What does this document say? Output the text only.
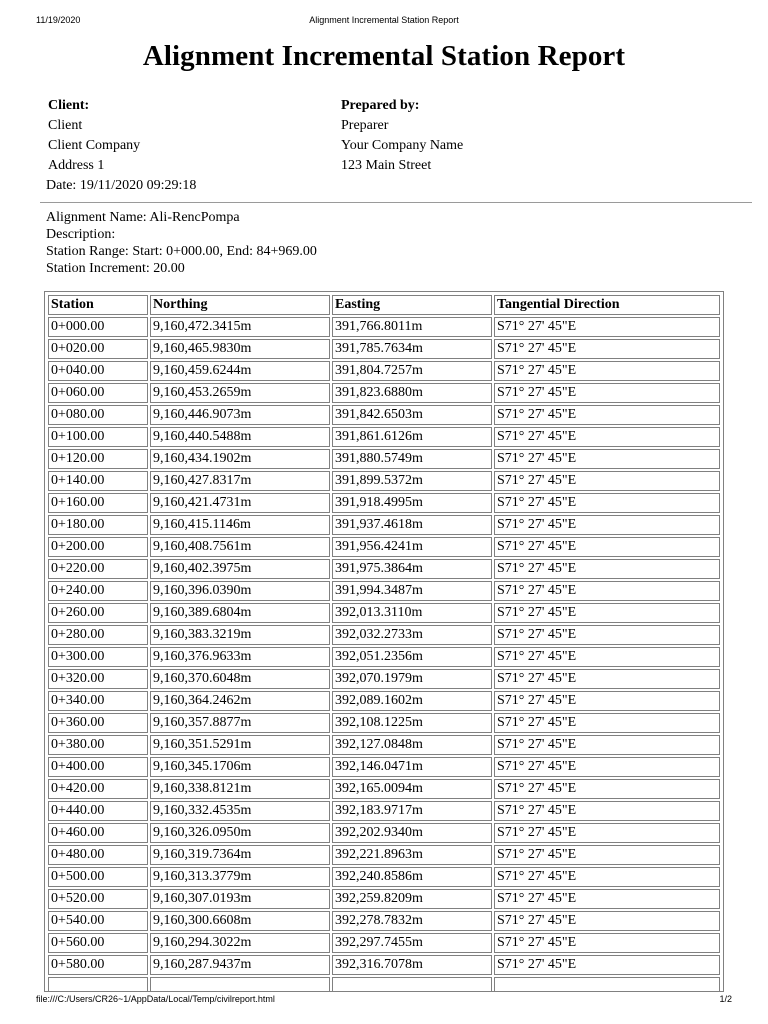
11/19/2020	Alignment Incremental Station Report
Alignment Incremental Station Report
Client:
Client
Client Company
Address 1
Prepared by:
Preparer
Your Company Name
123 Main Street
Date: 19/11/2020 09:29:18
Alignment Name: Ali-RencPompa
Description:
Station Range: Start: 0+000.00, End: 84+969.00
Station Increment: 20.00
Station	Northing	Easting	Tangential Direction
0+000.00	9,160,472.3415m	391,766.8011m	S71° 27' 45"E
0+020.00	9,160,465.9830m	391,785.7634m	S71° 27' 45"E
0+040.00	9,160,459.6244m	391,804.7257m	S71° 27' 45"E
0+060.00	9,160,453.2659m	391,823.6880m	S71° 27' 45"E
0+080.00	9,160,446.9073m	391,842.6503m	S71° 27' 45"E
0+100.00	9,160,440.5488m	391,861.6126m	S71° 27' 45"E
0+120.00	9,160,434.1902m	391,880.5749m	S71° 27' 45"E
0+140.00	9,160,427.8317m	391,899.5372m	S71° 27' 45"E
0+160.00	9,160,421.4731m	391,918.4995m	S71° 27' 45"E
0+180.00	9,160,415.1146m	391,937.4618m	S71° 27' 45"E
0+200.00	9,160,408.7561m	391,956.4241m	S71° 27' 45"E
0+220.00	9,160,402.3975m	391,975.3864m	S71° 27' 45"E
0+240.00	9,160,396.0390m	391,994.3487m	S71° 27' 45"E
0+260.00	9,160,389.6804m	392,013.3110m	S71° 27' 45"E
0+280.00	9,160,383.3219m	392,032.2733m	S71° 27' 45"E
0+300.00	9,160,376.9633m	392,051.2356m	S71° 27' 45"E
0+320.00	9,160,370.6048m	392,070.1979m	S71° 27' 45"E
0+340.00	9,160,364.2462m	392,089.1602m	S71° 27' 45"E
0+360.00	9,160,357.8877m	392,108.1225m	S71° 27' 45"E
0+380.00	9,160,351.5291m	392,127.0848m	S71° 27' 45"E
0+400.00	9,160,345.1706m	392,146.0471m	S71° 27' 45"E
0+420.00	9,160,338.8121m	392,165.0094m	S71° 27' 45"E
0+440.00	9,160,332.4535m	392,183.9717m	S71° 27' 45"E
0+460.00	9,160,326.0950m	392,202.9340m	S71° 27' 45"E
0+480.00	9,160,319.7364m	392,221.8963m	S71° 27' 45"E
0+500.00	9,160,313.3779m	392,240.8586m	S71° 27' 45"E
0+520.00	9,160,307.0193m	392,259.8209m	S71° 27' 45"E
0+540.00	9,160,300.6608m	392,278.7832m	S71° 27' 45"E
0+560.00	9,160,294.3022m	392,297.7455m	S71° 27' 45"E
0+580.00	9,160,287.9437m	392,316.7078m	S71° 27' 45"E

file:///C:/Users/CR26~1/AppData/Local/Temp/civilreport.html	1/2
